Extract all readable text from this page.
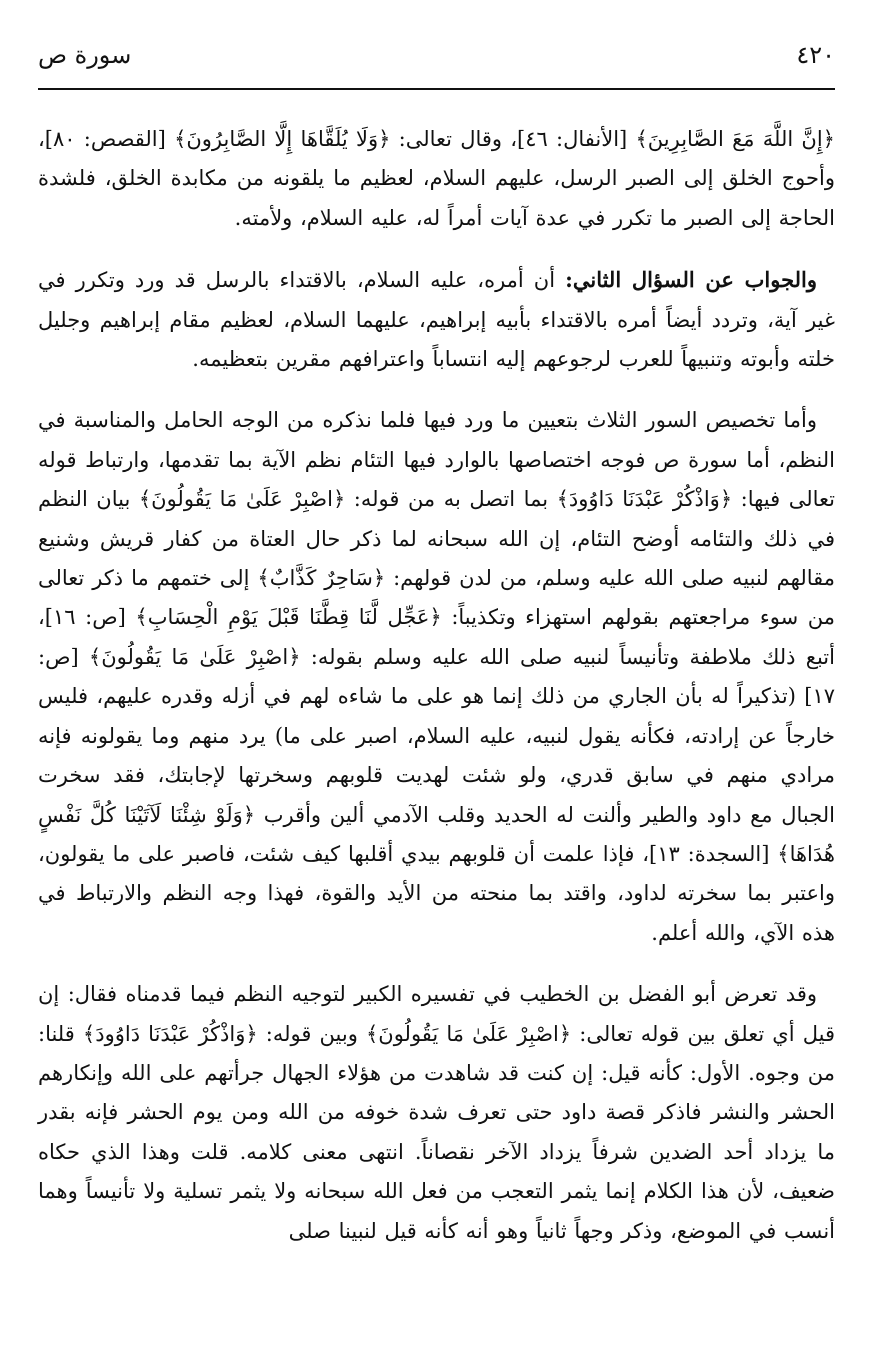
٤٢٠
سورة ص

﴿إِنَّ اللَّهَ مَعَ الصَّابِرِينَ﴾ [الأنفال: ٤٦]، وقال تعالى: ﴿وَلَا يُلَقَّاهَا إِلَّا الصَّابِرُونَ﴾ [القصص: ٨٠]، وأحوج الخلق إلى الصبر الرسل، عليهم السلام، لعظيم ما يلقونه من مكابدة الخلق، فلشدة الحاجة إلى الصبر ما تكرر في عدة آيات أمراً له، عليه السلام، ولأمته.

والجواب عن السؤال الثاني: أن أمره، عليه السلام، بالاقتداء بالرسل قد ورد وتكرر في غير آية، وتردد أيضاً أمره بالاقتداء بأبيه إبراهيم، عليهما السلام، لعظيم مقام إبراهيم وجليل خلته وأبوته وتنبيهاً للعرب لرجوعهم إليه انتساباً واعترافهم مقرين بتعظيمه.

وأما تخصيص السور الثلاث بتعيين ما ورد فيها فلما نذكره من الوجه الحامل والمناسبة في النظم، أما سورة ص فوجه اختصاصها بالوارد فيها التئام نظم الآية بما تقدمها، وارتباط قوله تعالى فيها: ﴿وَاذْكُرْ عَبْدَنَا دَاوُودَ﴾ بما اتصل به من قوله: ﴿اصْبِرْ عَلَىٰ مَا يَقُولُونَ﴾ بيان النظم في ذلك والتئامه أوضح التئام، إن الله سبحانه لما ذكر حال العتاة من كفار قريش وشنيع مقالهم لنبيه صلى الله عليه وسلم، من لدن قولهم: ﴿سَاحِرٌ كَذَّابٌ﴾ إلى ختمهم ما ذكر تعالى من سوء مراجعتهم بقولهم استهزاء وتكذيباً: ﴿عَجِّل لَّنَا قِطَّنَا قَبْلَ يَوْمِ الْحِسَابِ﴾ [ص: ١٦]، أتبع ذلك ملاطفة وتأنيساً لنبيه صلى الله عليه وسلم بقوله: ﴿اصْبِرْ عَلَىٰ مَا يَقُولُونَ﴾ [ص: ١٧] (تذكيراً له بأن الجاري من ذلك إنما هو على ما شاءه لهم في أزله وقدره عليهم، فليس خارجاً عن إرادته، فكأنه يقول لنبيه، عليه السلام، اصبر على ما) يرد منهم وما يقولونه فإنه مرادي منهم في سابق قدري، ولو شئت لهديت قلوبهم وسخرتها لإجابتك، فقد سخرت الجبال مع داود والطير وألنت له الحديد وقلب الآدمي ألين وأقرب ﴿وَلَوْ شِئْنَا لَآتَيْنَا كُلَّ نَفْسٍ هُدَاهَا﴾ [السجدة: ١٣]، فإذا علمت أن قلوبهم بيدي أقلبها كيف شئت، فاصبر على ما يقولون، واعتبر بما سخرته لداود، واقتد بما منحته من الأيد والقوة، فهذا وجه النظم والارتباط في هذه الآي، والله أعلم.

وقد تعرض أبو الفضل بن الخطيب في تفسيره الكبير لتوجيه النظم فيما قدمناه فقال: إن قيل أي تعلق بين قوله تعالى: ﴿اصْبِرْ عَلَىٰ مَا يَقُولُونَ﴾ وبين قوله: ﴿وَاذْكُرْ عَبْدَنَا دَاوُودَ﴾ قلنا: من وجوه. الأول: كأنه قيل: إن كنت قد شاهدت من هؤلاء الجهال جرأتهم على الله وإنكارهم الحشر والنشر فاذكر قصة داود حتى تعرف شدة خوفه من الله ومن يوم الحشر فإنه بقدر ما يزداد أحد الضدين شرفاً يزداد الآخر نقصاناً. انتهى معنى كلامه. قلت وهذا الذي حكاه ضعيف، لأن هذا الكلام إنما يثمر التعجب من فعل الله سبحانه ولا يثمر تسلية ولا تأنيساً وهما أنسب في الموضع، وذكر وجهاً ثانياً وهو أنه كأنه قيل لنبينا صلى
